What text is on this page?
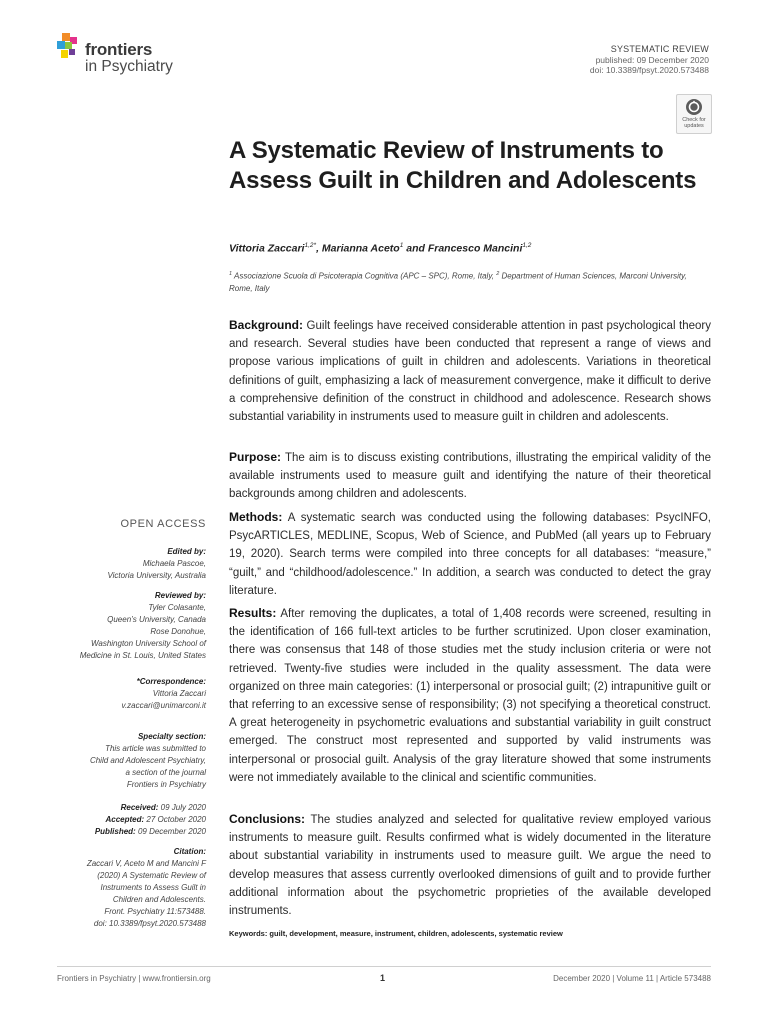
frontiers
in Psychiatry
SYSTEMATIC REVIEW
published: 09 December 2020
doi: 10.3389/fpsyt.2020.573488
Check for
updates
A Systematic Review of Instruments to Assess Guilt in Children and Adolescents
Vittoria Zaccari$^{1,2*}$, Marianna Aceto$^1$ and Francesco Mancini$^{1,2}$
$^1$ Associazione Scuola di Psicoterapia Cognitiva (APC – SPC), Rome, Italy, $^2$ Department of Human Sciences, Marconi University, Rome, Italy
Background: Guilt feelings have received considerable attention in past psychological theory and research. Several studies have been conducted that represent a range of views and propose various implications of guilt in children and adolescents. Variations in theoretical definitions of guilt, emphasizing a lack of measurement convergence, make it difficult to derive a comprehensive definition of the construct in childhood and adolescence. Research shows substantial variability in instruments used to measure guilt in children and adolescents.
Purpose: The aim is to discuss existing contributions, illustrating the empirical validity of the available instruments used to measure guilt and identifying the nature of their theoretical backgrounds among children and adolescents.
Methods: A systematic search was conducted using the following databases: PsycINFO, PsycARTICLES, MEDLINE, Scopus, Web of Science, and PubMed (all years up to February 19, 2020). Search terms were compiled into three concepts for all databases: “measure,” “guilt,” and “childhood/adolescence.” In addition, a search was conducted to detect the gray literature.
Results: After removing the duplicates, a total of 1,408 records were screened, resulting in the identification of 166 full-text articles to be further scrutinized. Upon closer examination, there was consensus that 148 of those studies met the study inclusion criteria or were not retrieved. Twenty-five studies were included in the quality assessment. The data were organized on three main categories: (1) interpersonal or prosocial guilt; (2) intrapunitive guilt or that referring to an excessive sense of responsibility; (3) not specifying a theoretical construct. A great heterogeneity in psychometric evaluations and substantial variability in guilt construct emerged. The construct most represented and supported by valid instruments was interpersonal or prosocial guilt. Analysis of the gray literature showed that some instruments were not immediately available to the clinical and scientific communities.
Conclusions: The studies analyzed and selected for qualitative review employed various instruments to measure guilt. Results confirmed what is widely documented in the literature about substantial variability in instruments used to measure guilt. We argue the need to develop measures that assess currently overlooked dimensions of guilt and to provide further additional information about the psychometric proprieties of the available developed instruments.
Keywords: guilt, development, measure, instrument, children, adolescents, systematic review
OPEN ACCESS
Edited by:
Michaela Pascoe,
Victoria University, Australia
Reviewed by:
Tyler Colasante,
Queen’s University, Canada
Rose Donohue,
Washington University School of
Medicine in St. Louis, United States
*Correspondence:
Vittoria Zaccari
v.zaccari@unimarconi.it
Specialty section:
This article was submitted to
Child and Adolescent Psychiatry,
a section of the journal
Frontiers in Psychiatry
Received: 09 July 2020
Accepted: 27 October 2020
Published: 09 December 2020
Citation:
Zaccari V, Aceto M and Mancini F
(2020) A Systematic Review of
Instruments to Assess Guilt in
Children and Adolescents.
Front. Psychiatry 11:573488.
doi: 10.3389/fpsyt.2020.573488
Frontiers in Psychiatry | www.frontiersin.org	1	December 2020 | Volume 11 | Article 573488
